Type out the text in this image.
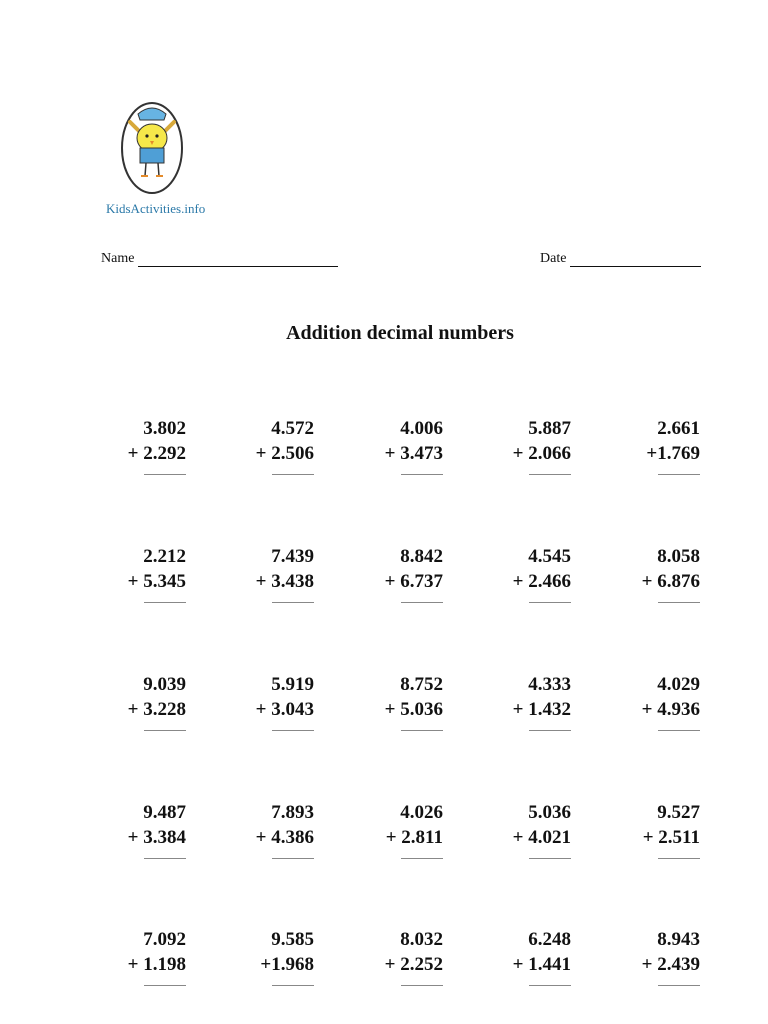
KidsActivities.info
Name	Date
Addition decimal numbers
3.802
+ 2.292
4.572
+ 2.506
4.006
+ 3.473
5.887
+ 2.066
2.661
+1.769
2.212
+ 5.345
7.439
+ 3.438
8.842
+ 6.737
4.545
+ 2.466
8.058
+ 6.876
9.039
+ 3.228
5.919
+ 3.043
8.752
+ 5.036
4.333
+ 1.432
4.029
+ 4.936
9.487
+ 3.384
7.893
+ 4.386
4.026
+ 2.811
5.036
+ 4.021
9.527
+ 2.511
7.092
+ 1.198
9.585
+1.968
8.032
+ 2.252
6.248
+ 1.441
8.943
+ 2.439
